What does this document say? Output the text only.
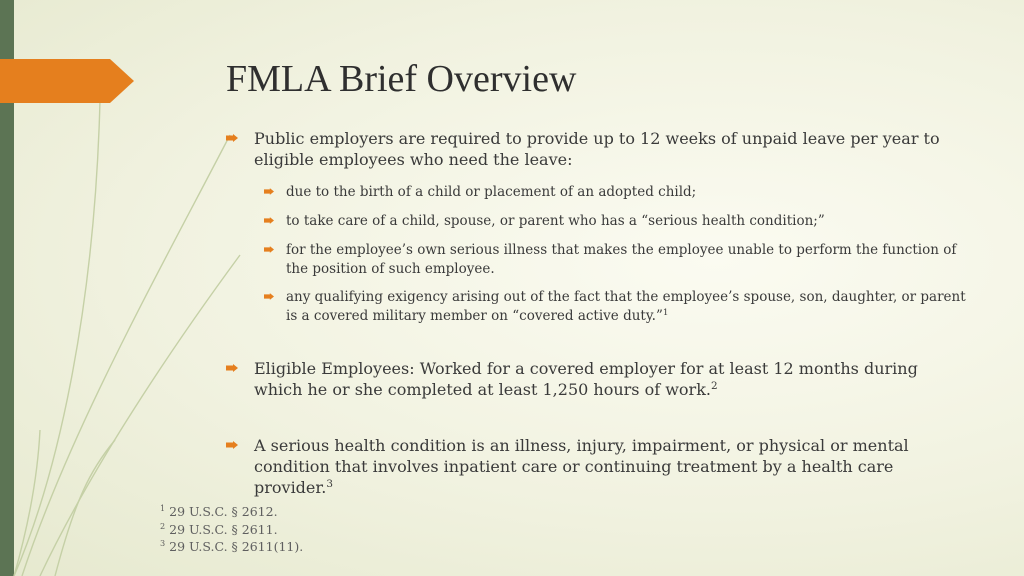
FMLA Brief Overview
Public employers are required to provide up to 12 weeks of unpaid leave per year to eligible employees who need the leave:
due to the birth of a child or placement of an adopted child;
to take care of a child, spouse, or parent who has a “serious health condition;”
for the employee’s own serious illness that makes the employee unable to perform the function of the position of such employee.
any qualifying exigency arising out of the fact that the employee’s spouse, son, daughter, or parent is a covered military member on “covered active duty.”$^1$
Eligible Employees: Worked for a covered employer for at least 12 months during which he or she completed at least 1,250 hours of work.$^2$
A serious health condition is an illness, injury, impairment, or physical or mental condition that involves inpatient care or continuing treatment by a health care provider.$^3$
$^1$ 29 U.S.C. § 2612.
$^2$ 29 U.S.C. § 2611.
$^3$ 29 U.S.C. § 2611(11).
